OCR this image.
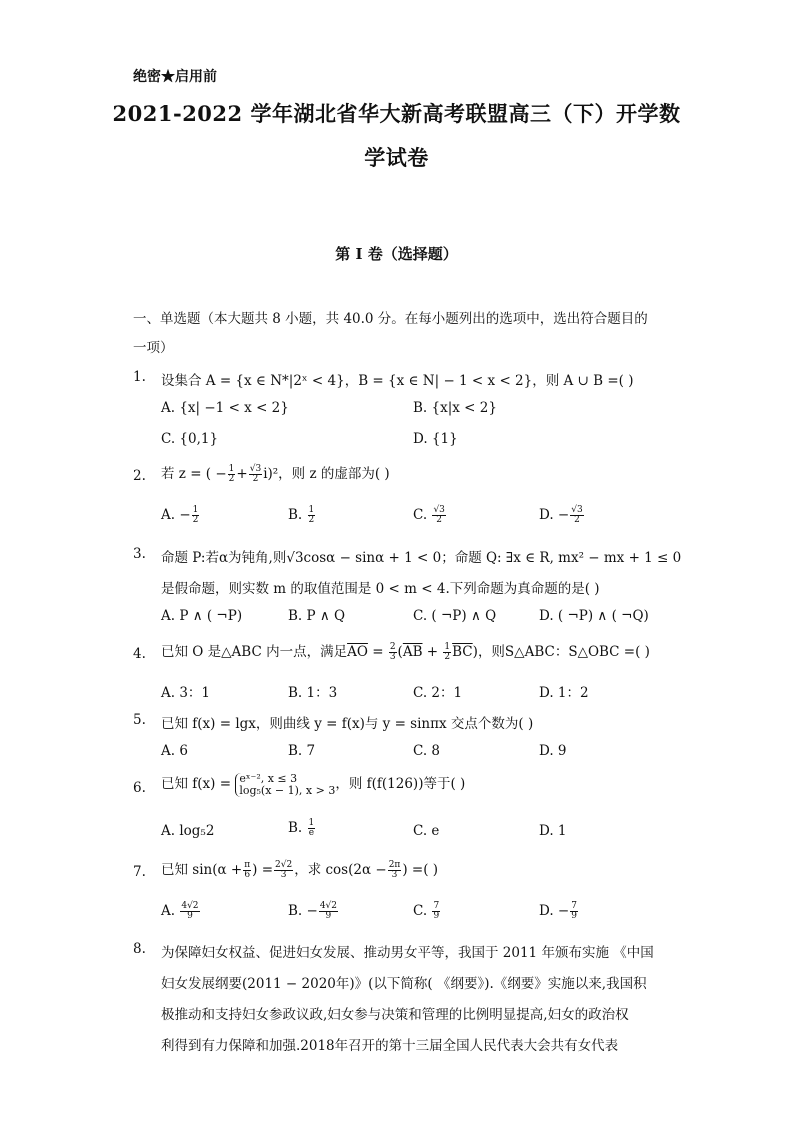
绝密★启用前
2021-2022 学年湖北省华大新高考联盟高三（下）开学数
学试卷
第 I 卷（选择题）
一、单选题（本大题共 8 小题，共 40.0 分。在每小题列出的选项中，选出符合题目的
一项）
1. 设集合 A = {x ∈ N*|2ˣ < 4}，B = {x ∈ N| − 1 < x < 2}，则 A ∪ B =( )
A. {x| −1 < x < 2}	B. {x|x < 2}
C. {0,1}	D. {1}
2. 若 z = ( − $\frac{1}{2} + \frac{√3}{2} i)^2$，则 z 的虚部为( )
A. − $\frac{1}{2}$	B. $\frac{1}{2}$	C. $\frac{√3}{2}$	D. − $\frac{√3}{2}$
3. 命题 P:若α为钝角,则√3cosα − sinα + 1 < 0；命题 Q: ∃x ∈ R, mx² − mx + 1 ≤ 0
是假命题，则实数 m 的取值范围是 0 < m < 4.下列命题为真命题的是( )
A. P ∧ ( ¬P)	B. P ∧ Q	C. ( ¬P) ∧ Q	D. ( ¬P) ∧ ( ¬Q)
4. 已知 O 是△ABC 内一点，满足$\overline{AO} = \frac{2}{3} (\overline{AB} + \frac{1}{2} \overline{BC})$，则S△ABC：S△OBC =( )
A. 3：1	B. 1：3	C. 2：1	D. 1：2
5. 已知 f(x) = lgx，则曲线 y = f(x)与 y = sinπx 交点个数为( )
A. 6	B. 7	C. 8	D. 9
6. 已知 f(x) = eˣ⁻², x ≤ 3
log₅(x − 1), x > 3 ，则 f(f(126))等于( )
A. log₅2	B. $\frac{1}{e}$	C. e	D. 1
7. 已知 $\sin(\alpha + \frac{\pi}{6}$ ) = $\frac{2√2}{3}$ ，求 $\cos(2\alpha - \frac{2\pi}{3}$ ) =( )
A. $\frac{4√2}{9}$	B. − $\frac{4√2}{9}$	C. $\frac{7}{9}$	D. − $\frac{7}{9}$
8. 为保障妇女权益、促进妇女发展、推动男女平等，我国于 2011 年颁布实施 《中国
妇女发展纲要(2011 − 2020年)》(以下简称( 《纲要》).《纲要》实施以来,我国积
极推动和支持妇女参政议政,妇女参与决策和管理的比例明显提高,妇女的政治权
利得到有力保障和加强.2018年召开的第十三届全国人民代表大会共有女代表
